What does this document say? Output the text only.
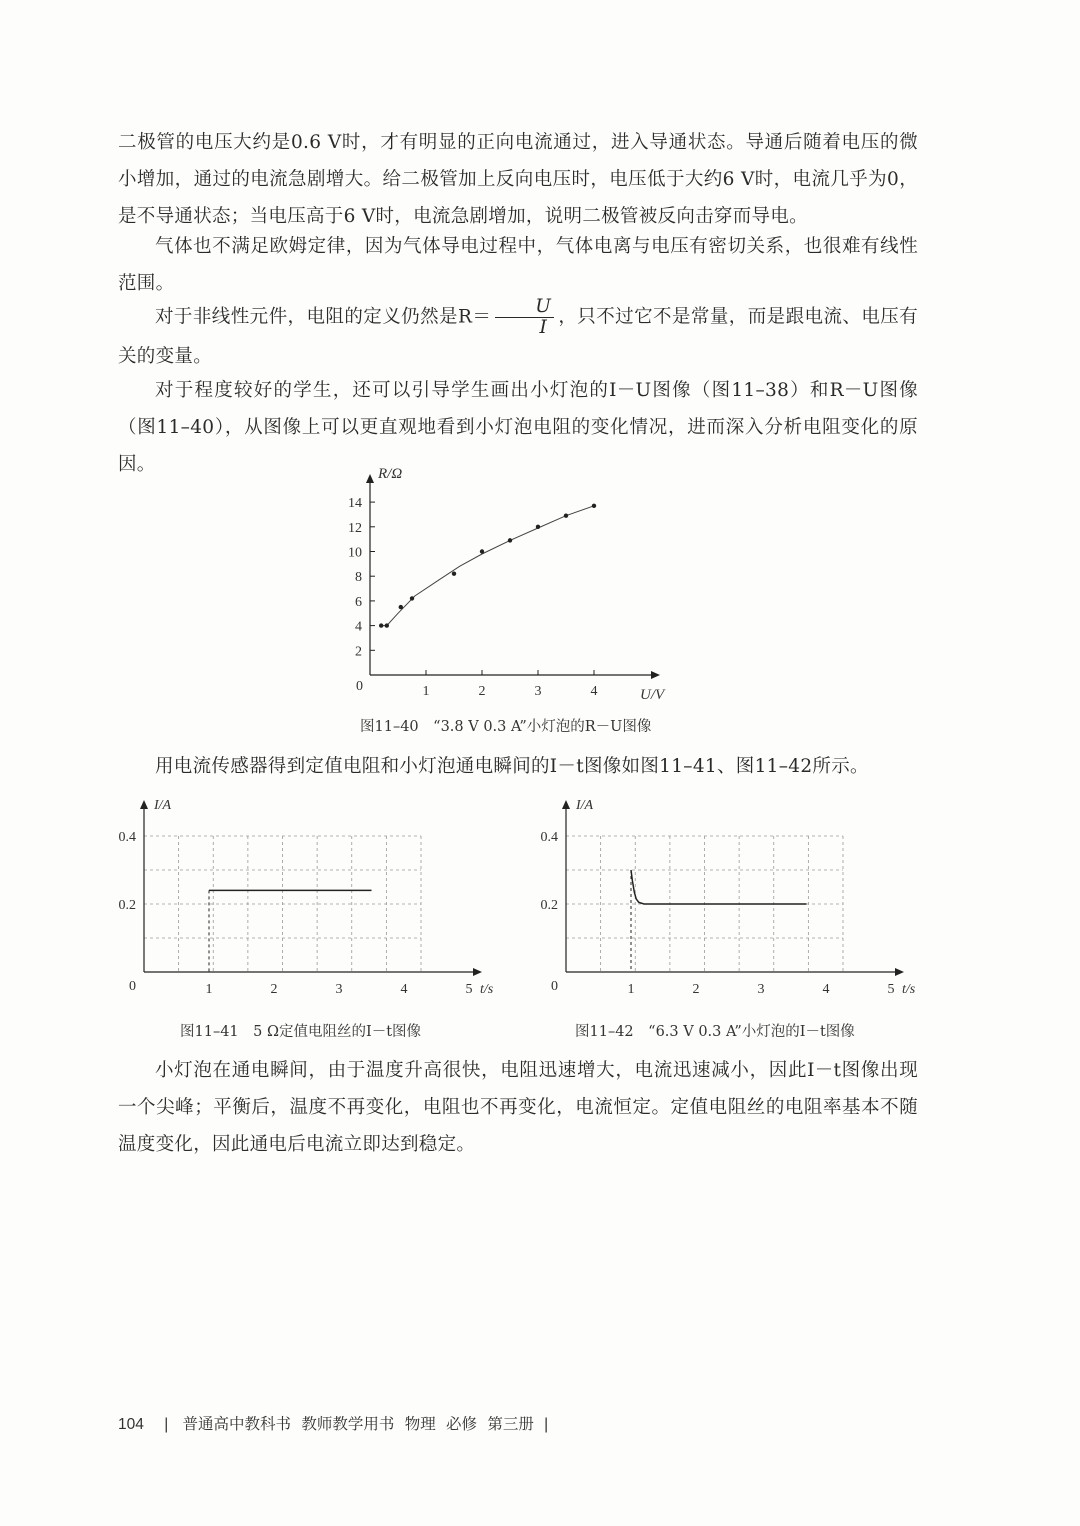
二极管的电压大约是0.6 V时，才有明显的正向电流通过，进入导通状态。导通后随着电压的微小增加，通过的电流急剧增大。给二极管加上反向电压时，电压低于大约6 V时，电流几乎为0，是不导通状态；当电压高于6 V时，电流急剧增加，说明二极管被反向击穿而导电。

气体也不满足欧姆定律，因为气体导电过程中，气体电离与电压有密切关系，也很难有线性范围。

对于非线性元件，电阻的定义仍然是$R= \frac{U}{I}$ ，只不过它不是常量，而是跟电流、电压有关的变量。

对于程度较好的学生，还可以引导学生画出小灯泡的I－U图像（图11–38）和R－U图像（图11–40），从图像上可以更直观地看到小灯泡电阻的变化情况，进而深入分析电阻变化的原因。	R/Ω
U/V
0
2
4
6
8
10
12
14
1	2	3	4
图11–40　“3.8 V 0.3 A”小灯泡的R－U图像

用电流传感器得到定值电阻和小灯泡通电瞬间的I－t图像如图11–41、图11–42所示。

I/A
t/s
0
0.2
0.4
1	2	3	4	5
I/A
t/s
0
0.2
0.4
1	2	3	4	5
图11–41　5 Ω定值电阻丝的I－t图像	图11–42　“6.3 V 0.3 A”小灯泡的I－t图像

小灯泡在通电瞬间，由于温度升高很快，电阻迅速增大，电流迅速减小，因此I－t图像出现一个尖峰；平衡后，温度不再变化，电阻也不再变化，电流恒定。定值电阻丝的电阻率基本不随温度变化，因此通电后电流立即达到稳定。

104 | 普通高中教科书 教师教学用书 物理 必修 第三册 |
